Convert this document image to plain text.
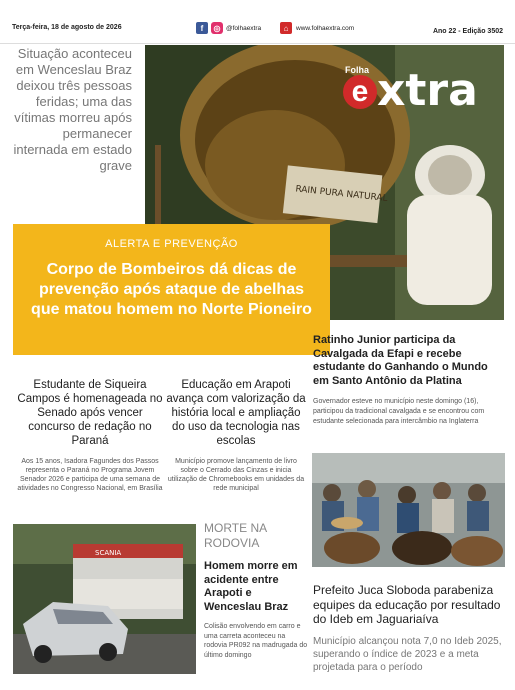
Terça-feira, 18 de agosto de 2026	f	◎ @folhaextra	⌂	www.folhaextra.com	Ano 22 - Edição 3502
Situação aconteceu em Wenceslau Braz deixou três pessoas feridas; uma das vítimas morreu após permanecer internada em estado grave
RAIN PURA NATURAL
Folha
e xtra
ALERTA E PREVENÇÃO
Corpo de Bombeiros dá dicas de prevenção após ataque de abelhas que matou homem no Norte Pioneiro
Estudante de Siqueira Campos é homenageada no Senado após vencer concurso de redação no Paraná
Aos 15 anos, Isadora Fagundes dos Passos representa o Paraná no Programa Jovem Senador 2026 e participa de uma semana de atividades no Congresso Nacional, em Brasília
Educação em Arapoti avança com valorização da história local e ampliação do uso da tecnologia nas escolas
Município promove lançamento de livro sobre o Cerrado das Cinzas e inicia utilização de Chromebooks em unidades da rede municipal
Ratinho Junior participa da Cavalgada da Efapi e recebe estudante do Ganhando o Mundo em Santo Antônio da Platina
Governador esteve no município neste domingo (16), participou da tradicional cavalgada e se encontrou com estudante selecionada para intercâmbio na Inglaterra
SCANIA
MORTE NA RODOVIA
Homem morre em acidente entre Arapoti e Wenceslau Braz
Colisão envolvendo em carro e uma carreta aconteceu na rodovia PR092 na madrugada do último domingo
Prefeito Juca Sloboda parabeniza equipes da educação por resultado do Ideb em Jaguariaíva
Município alcançou nota 7,0 no Ideb 2025, superando o índice de 2023 e a meta projetada para o período
